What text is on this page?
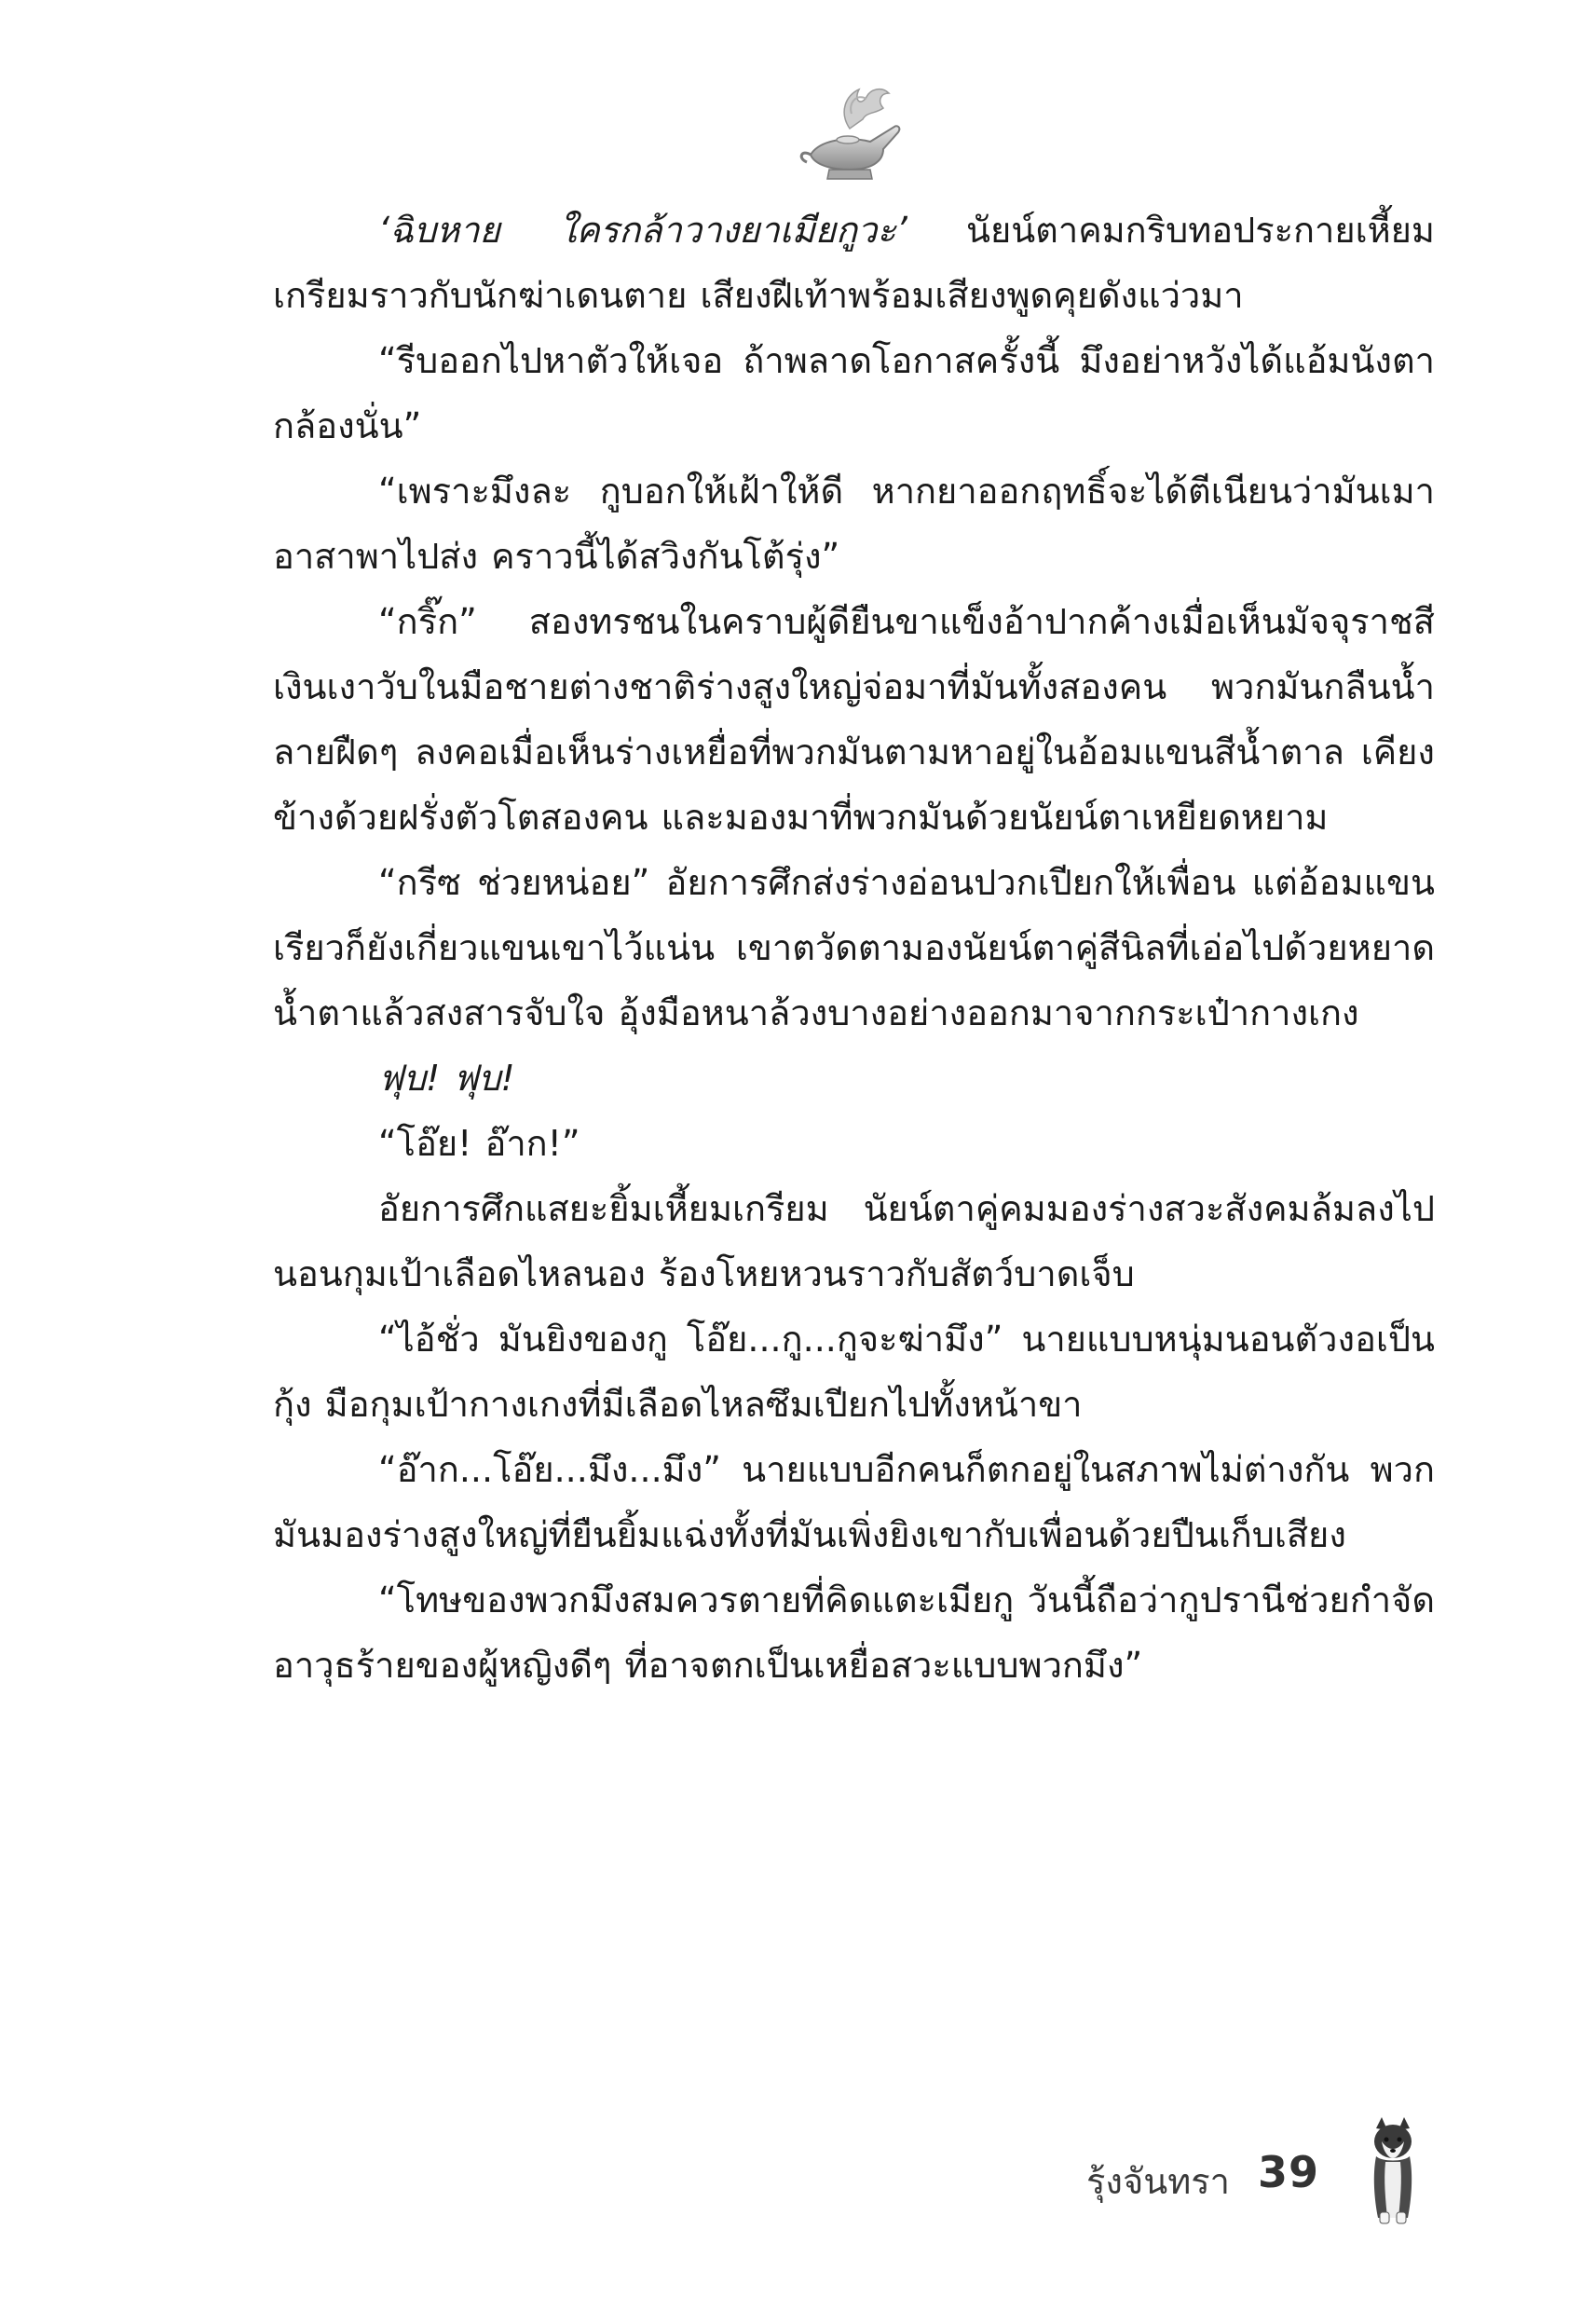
‘ฉิบหาย ใครกล้าวางยาเมียกูวะ’ นัยน์ตาคมกริบทอประกายเหี้ยมเกรียมราวกับนักฆ่าเดนตาย เสียงฝีเท้าพร้อมเสียงพูดคุยดังแว่วมา

“รีบออกไปหาตัวให้เจอ ถ้าพลาดโอกาสครั้งนี้ มึงอย่าหวังได้แอ้มนังตากล้องนั่น”

“เพราะมึงละ กูบอกให้เฝ้าให้ดี หากยาออกฤทธิ์จะได้ตีเนียนว่ามันเมา อาสาพาไปส่ง คราวนี้ได้สวิงกันโต้รุ่ง”

“กริ๊ก” สองทรชนในคราบผู้ดียืนขาแข็งอ้าปากค้างเมื่อเห็นมัจจุราชสีเงินเงาวับในมือชายต่างชาติร่างสูงใหญ่จ่อมาที่มันทั้งสองคน พวกมันกลืนน้ำลายฝืดๆ ลงคอเมื่อเห็นร่างเหยื่อที่พวกมันตามหาอยู่ในอ้อมแขนสีน้ำตาล เคียงข้างด้วยฝรั่งตัวโตสองคน และมองมาที่พวกมันด้วยนัยน์ตาเหยียดหยาม

“กรีซ ช่วยหน่อย” อัยการศึกส่งร่างอ่อนปวกเปียกให้เพื่อน แต่อ้อมแขนเรียวก็ยังเกี่ยวแขนเขาไว้แน่น เขาตวัดตามองนัยน์ตาคู่สีนิลที่เอ่อไปด้วยหยาดน้ำตาแล้วสงสารจับใจ อุ้งมือหนาล้วงบางอย่างออกมาจากกระเป๋ากางเกง

ฟุบ! ฟุบ!

“โอ๊ย! อ๊าก!”

อัยการศึกแสยะยิ้มเหี้ยมเกรียม นัยน์ตาคู่คมมองร่างสวะสังคมล้มลงไปนอนกุมเป้าเลือดไหลนอง ร้องโหยหวนราวกับสัตว์บาดเจ็บ

“ไอ้ชั่ว มันยิงของกู โอ๊ย...กู...กูจะฆ่ามึง” นายแบบหนุ่มนอนตัวงอเป็นกุ้ง มือกุมเป้ากางเกงที่มีเลือดไหลซึมเปียกไปทั้งหน้าขา

“อ๊าก...โอ๊ย...มึง...มึง” นายแบบอีกคนก็ตกอยู่ในสภาพไม่ต่างกัน พวกมันมองร่างสูงใหญ่ที่ยืนยิ้มแฉ่งทั้งที่มันเพิ่งยิงเขากับเพื่อนด้วยปืนเก็บเสียง

“โทษของพวกมึงสมควรตายที่คิดแตะเมียกู วันนี้ถือว่ากูปรานีช่วยกำจัดอาวุธร้ายของผู้หญิงดีๆ ที่อาจตกเป็นเหยื่อสวะแบบพวกมึง”

รุ้งจันทรา 39
